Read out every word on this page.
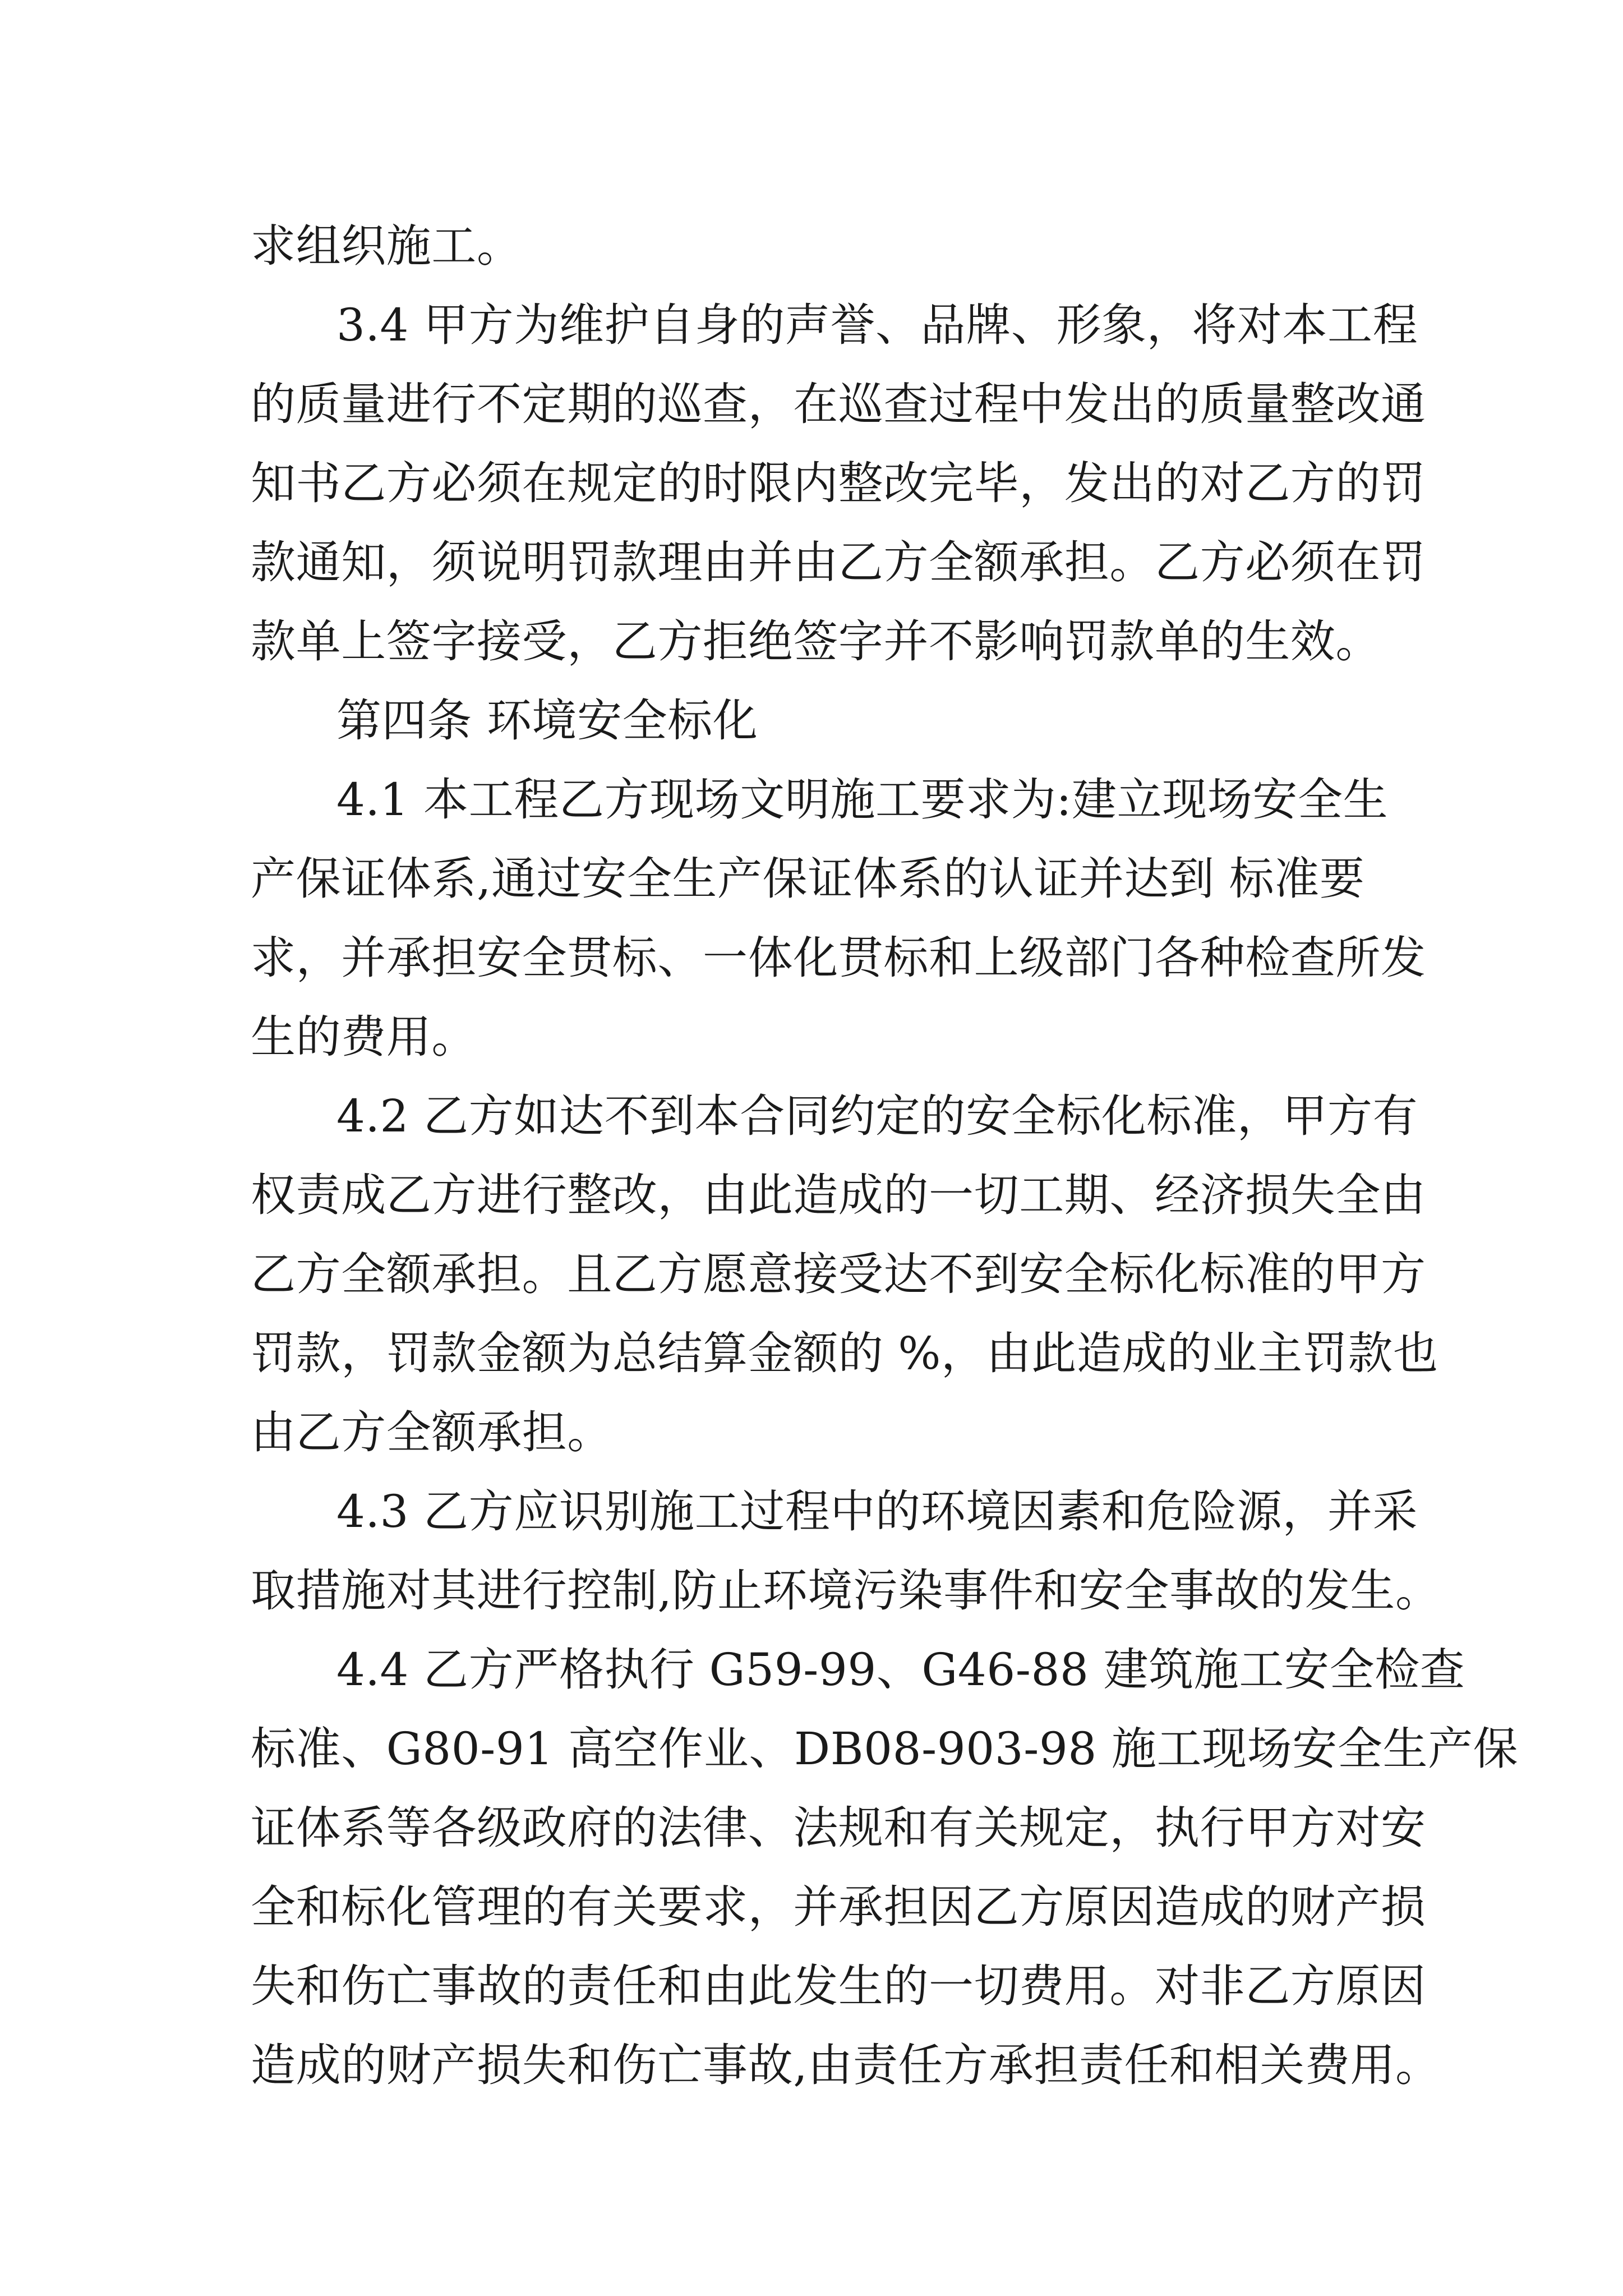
求组织施工。
3.4 甲方为维护自身的声誉、品牌、形象，将对本工程
的质量进行不定期的巡查，在巡查过程中发出的质量整改通
知书乙方必须在规定的时限内整改完毕，发出的对乙方的罚
款通知，须说明罚款理由并由乙方全额承担。乙方必须在罚
款单上签字接受，乙方拒绝签字并不影响罚款单的生效。
第四条 环境安全标化
4.1 本工程乙方现场文明施工要求为:建立现场安全生
产保证体系,通过安全生产保证体系的认证并达到 标准要
求，并承担安全贯标、一体化贯标和上级部门各种检查所发
生的费用。
4.2 乙方如达不到本合同约定的安全标化标准，甲方有
权责成乙方进行整改，由此造成的一切工期、经济损失全由
乙方全额承担。且乙方愿意接受达不到安全标化标准的甲方
罚款，罚款金额为总结算金额的 %，由此造成的业主罚款也
由乙方全额承担。
4.3 乙方应识别施工过程中的环境因素和危险源，并采
取措施对其进行控制,防止环境污染事件和安全事故的发生。
4.4 乙方严格执行 G59-99、G46-88 建筑施工安全检查
标准、G80-91 高空作业、DB08-903-98 施工现场安全生产保
证体系等各级政府的法律、法规和有关规定，执行甲方对安
全和标化管理的有关要求，并承担因乙方原因造成的财产损
失和伤亡事故的责任和由此发生的一切费用。对非乙方原因
造成的财产损失和伤亡事故,由责任方承担责任和相关费用。
